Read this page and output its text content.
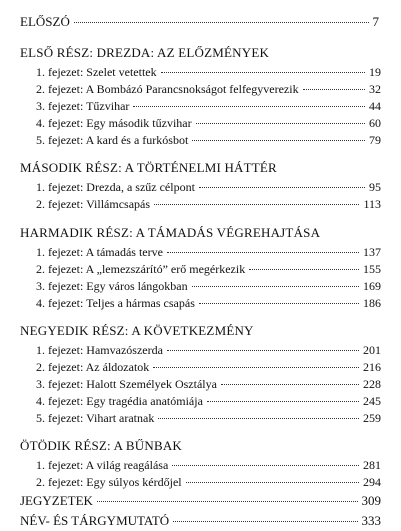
ELŐSZÓ	7
ELSŐ RÉSZ: DREZDA: AZ ELŐZMÉNYEK
1. fejezet: Szelet vetettek	19
2. fejezet: A Bombázó Parancsnokságot felfegyverezik	32
3. fejezet: Tűzvihar	44
4. fejezet: Egy második tűzvihar	60
5. fejezet: A kard és a furkósbot	79
MÁSODIK RÉSZ: A TÖRTÉNELMI HÁTTÉR
1. fejezet: Drezda, a szűz célpont	95
2. fejezet: Villámcsapás	113
HARMADIK RÉSZ: A TÁMADÁS VÉGREHAJTÁSA
1. fejezet: A támadás terve	137
2. fejezet: A „lemezszárító” erő megérkezik	155
3. fejezet: Egy város lángokban	169
4. fejezet: Teljes a hármas csapás	186
NEGYEDIK RÉSZ: A KÖVETKEZMÉNY
1. fejezet: Hamvazószerda	201
2. fejezet: Az áldozatok	216
3. fejezet: Halott Személyek Osztálya	228
4. fejezet: Egy tragédia anatómiája	245
5. fejezet: Vihart aratnak	259
ÖTÖDIK RÉSZ: A BŰNBAK
1. fejezet: A világ reagálása	281
2. fejezet: Egy súlyos kérdőjel	294
JEGYZETEK	309
NÉV- ÉS TÁRGYMUTATÓ	333
